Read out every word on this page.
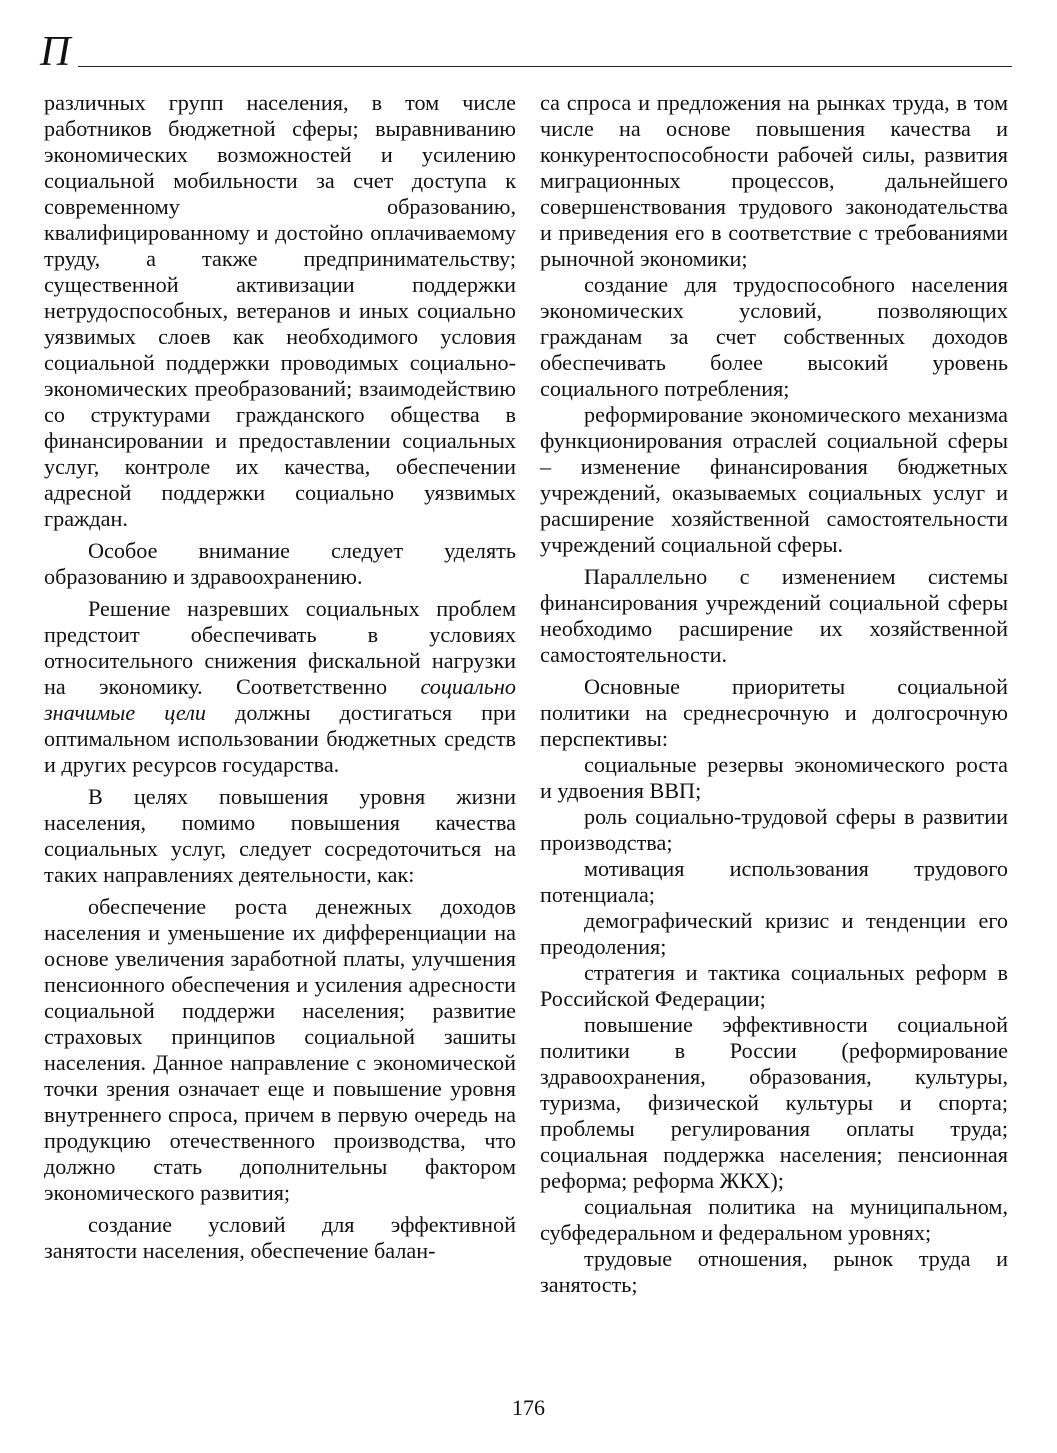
П

различных групп населения, в том числе работников бюджетной сферы; выравниванию экономических возможностей и усилению социальной мобильности за счет доступа к современному образованию, квалифицированному и достойно оплачиваемому труду, а также предпринимательству; существенной активизации поддержки нетрудоспособных, ветеранов и иных социально уязвимых слоев как необходимого условия социальной поддержки проводимых социально-экономических преобразований; взаимодействию со структурами гражданского общества в финансировании и предоставлении социальных услуг, контроле их качества, обеспечении адресной поддержки социально уязвимых граждан.

Особое внимание следует уделять образованию и здравоохранению.

Решение назревших социальных проблем предстоит обеспечивать в условиях относительного снижения фискальной нагрузки на экономику. Соответственно социально значимые цели должны достигаться при оптимальном использовании бюджетных средств и других ресурсов государства.

В целях повышения уровня жизни населения, помимо повышения качества социальных услуг, следует сосредоточиться на таких направлениях деятельности, как:

обеспечение роста денежных доходов населения и уменьшение их дифференциации на основе увеличения заработной платы, улучшения пенсионного обеспечения и усиления адресности социальной поддержи населения; развитие страховых принципов социальной зашиты населения. Данное направление с экономической точки зрения означает еще и повышение уровня внутреннего спроса, причем в первую очередь на продукцию отечественного производства, что должно стать дополнительны фактором экономического развития;

создание условий для эффективной занятости населения, обеспечение балан-

са спроса и предложения на рынках труда, в том числе на основе повышения качества и конкурентоспособности рабочей силы, развития миграционных процессов, дальнейшего совершенствования трудового законодательства и приведения его в соответствие с требованиями рыночной экономики;

создание для трудоспособного населения экономических условий, позволяющих гражданам за счет собственных доходов обеспечивать более высокий уровень социального потребления;

реформирование экономического механизма функционирования отраслей социальной сферы – изменение финансирования бюджетных учреждений, оказываемых социальных услуг и расширение хозяйственной самостоятельности учреждений социальной сферы.

Параллельно с изменением системы финансирования учреждений социальной сферы необходимо расширение их хозяйственной самостоятельности.

Основные приоритеты социальной политики на среднесрочную и долгосрочную перспективы:

социальные резервы экономического роста и удвоения ВВП;

роль социально-трудовой сферы в развитии производства;

мотивация использования трудового потенциала;

демографический кризис и тенденции его преодоления;

стратегия и тактика социальных реформ в Российской Федерации;

повышение эффективности социальной политики в России (реформирование здравоохранения, образования, культуры, туризма, физической культуры и спорта; проблемы регулирования оплаты труда; социальная поддержка населения; пенсионная реформа; реформа ЖКХ);

социальная политика на муниципальном, субфедеральном и федеральном уровнях;

трудовые отношения, рынок труда и занятость;

176
